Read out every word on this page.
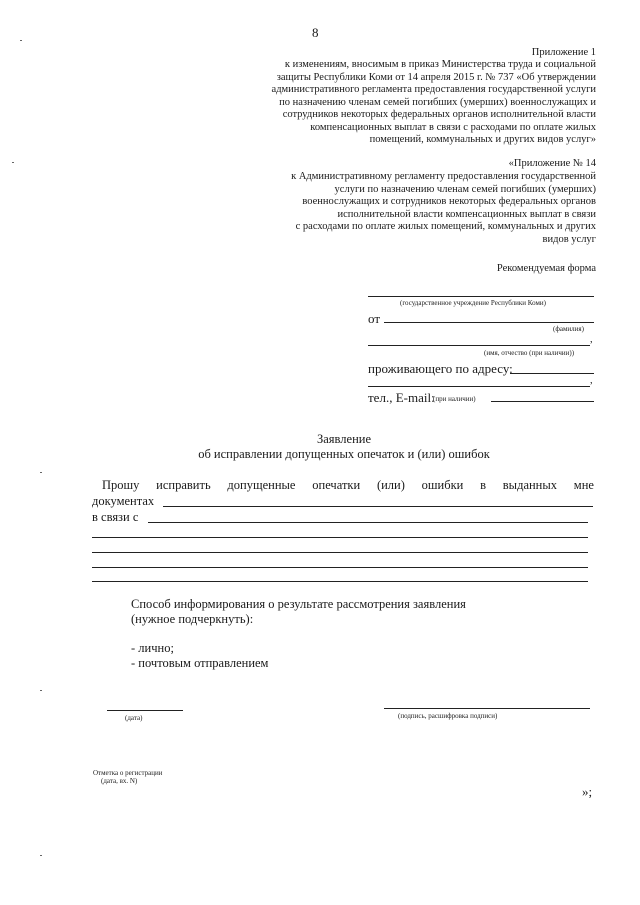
8
Приложение 1
к изменениям, вносимым в приказ Министерства труда и социальной
защиты Республики Коми от 14 апреля 2015 г. № 737 «Об утверждении
административного регламента предоставления государственной услуги
по назначению членам семей погибших (умерших) военнослужащих и
сотрудников некоторых федеральных органов исполнительной власти
компенсационных выплат в связи с расходами по оплате жилых
помещений, коммунальных и других видов услуг»
«Приложение № 14
к Административному регламенту предоставления государственной
услуги по назначению членам семей погибших (умерших)
военнослужащих и сотрудников некоторых федеральных органов
исполнительной власти компенсационных выплат в связи
с расходами по оплате жилых помещений, коммунальных и других
видов услуг
Рекомендуемая форма
(государственное учреждение Республики Коми)
от
(фамилия)
,
(имя, отчество (при наличии))
проживающего по адресу:
,
тел., E-mail:
(при наличии)
Заявление
об исправлении допущенных опечаток и (или) ошибок
Прошу исправить допущенные опечатки (или) ошибки в выданных мне
документах
в связи с
Способ информирования о результате рассмотрения заявления
(нужное подчеркнуть):
- лично;
- почтовым отправлением
(дата)	(подпись, расшифровка подписи)
Отметка о регистрации
(дата, вх. N)
»;
